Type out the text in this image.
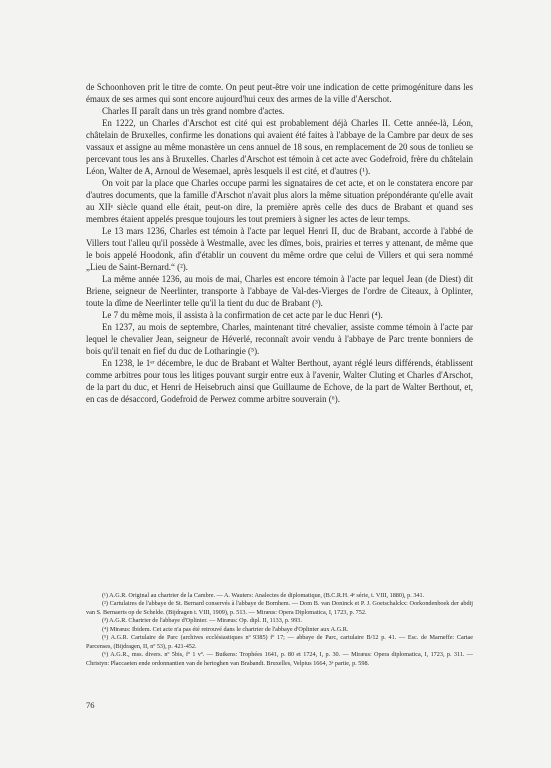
de Schoonhoven prit le titre de comte. On peut peut-être voir une indication de cette primogéniture dans les émaux de ses armes qui sont encore aujourd'hui ceux des armes de la ville d'Aerschot.

Charles II paraît dans un très grand nombre d'actes.

En 1222, un Charles d'Arschot est cité qui est probablement déjà Charles II. Cette année-là, Léon, châtelain de Bruxelles, confirme les donations qui avaient été faites à l'abbaye de la Cambre par deux de ses vassaux et assigne au même monastère un cens annuel de 18 sous, en remplacement de 20 sous de tonlieu se percevant tous les ans à Bruxelles. Charles d'Arschot est témoin à cet acte avec Godefroid, frère du châtelain Léon, Walter de A, Arnoul de Wesemael, après lesquels il est cité, et d'autres (¹).

On voit par la place que Charles occupe parmi les signataires de cet acte, et on le constatera encore par d'autres documents, que la famille d'Arschot n'avait plus alors la même situation prépondérante qu'elle avait au XIIᵉ siècle quand elle était, peut-on dire, la première après celle des ducs de Brabant et quand ses membres étaient appelés presque toujours les tout premiers à signer les actes de leur temps.

Le 13 mars 1236, Charles est témoin à l'acte par lequel Henri II, duc de Brabant, accorde à l'abbé de Villers tout l'alleu qu'il possède à Westmalle, avec les dîmes, bois, prairies et terres y attenant, de même que le bois appelé Hoodonk, afin d'établir un couvent du même ordre que celui de Villers et qui sera nommé „Lieu de Saint-Bernard.“ (²).

La même année 1236, au mois de mai, Charles est encore témoin à l'acte par lequel Jean (de Diest) dit Briene, seigneur de Neerlinter, transporte à l'abbaye de Val-des-Vierges de l'ordre de Citeaux, à Oplinter, toute la dîme de Neerlinter telle qu'il la tient du duc de Brabant (³).

Le 7 du même mois, il assista à la confirmation de cet acte par le duc Henri (⁴).

En 1237, au mois de septembre, Charles, maintenant titré chevalier, assiste comme témoin à l'acte par lequel le chevalier Jean, seigneur de Héverlé, reconnaît avoir vendu à l'abbaye de Parc trente bonniers de bois qu'il tenait en fief du duc de Lotharingie (⁵).

En 1238, le 1ᵉʳ décembre, le duc de Brabant et Walter Berthout, ayant réglé leurs différends, établissent comme arbitres pour tous les litiges pouvant surgir entre eux à l'avenir, Walter Cluting et Charles d'Arschot, de la part du duc, et Henri de Heisebruch ainsi que Guillaume de Echove, de la part de Walter Berthout, et, en cas de désaccord, Godefroid de Perwez comme arbitre souverain (⁶).

(¹) A.G.R. Original au chartrier de la Cambre. — A. Wauters: Analectes de diplomatique, (B.C.R.H. 4ᵉ série, t. VIII, 1880), p. 341.

(²) Cartulaires de l'abbaye de St. Bernard conservés à l'abbaye de Bornhem. — Dom B. van Doninck et P. J. Goetschalckx: Oorkondenboek der abdij van S. Bernaerts op de Schelde. (Bijdragen t. VIII, 1909), p. 513. — Miræus: Opera Diplomatica, I, 1723, p. 752.

(³) A.G.R. Chartrier de l'abbaye d'Oplinter. — Miræus: Op. dipl. II, 1133, p. 993.

(⁴) Miræus: Ibidem. Cet acte n'a pas été retrouvé dans le chartrier de l'abbaye d'Oplinter aux A.G.R.

(⁵) A.G.R. Cartulaire de Parc (archives ecclésiastiques nº 9385) fº 17; — abbaye de Parc, cartulaire B/12 p. 41. — Esc. de Marneffe: Cartae Parcenses, (Bijdragen, II, nº 53), p. 421-452.

(⁶) A.G.R., mss. divers. nº 5bis, fº 1 vº. — Butkens: Trophées 1641, p. 80 et 1724, I, p. 30. — Miræus: Opera diplomatica, I, 1723, p. 311. — Christyn: Placcaeten ende ordonnantien van de hertoghen van Brabandt. Bruxelles, Velpius 1664, 3ᵉ partie, p. 598.

76
